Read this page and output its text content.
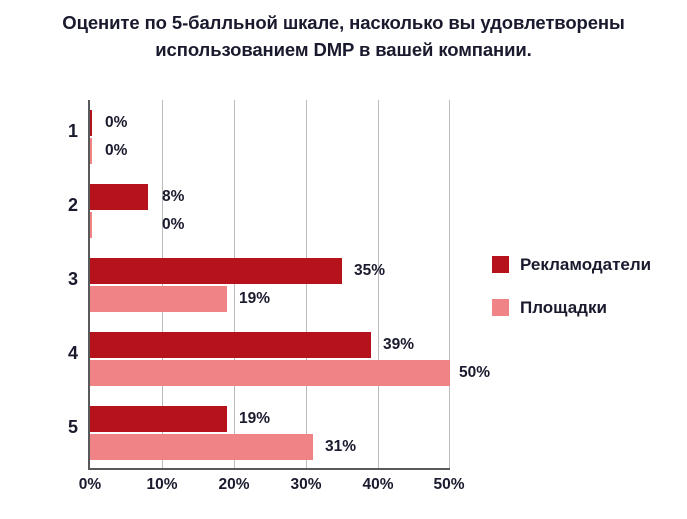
Оцените по 5-балльной шкале, насколько вы удовлетворены использованием DMP в вашей компании.
1 0%
0%
2	8%
0%
3	35%
19%
4	39%
50%
5	19%
31%
0%	10%	20%	30%	40%	50%
Рекламодатели
Площадки
